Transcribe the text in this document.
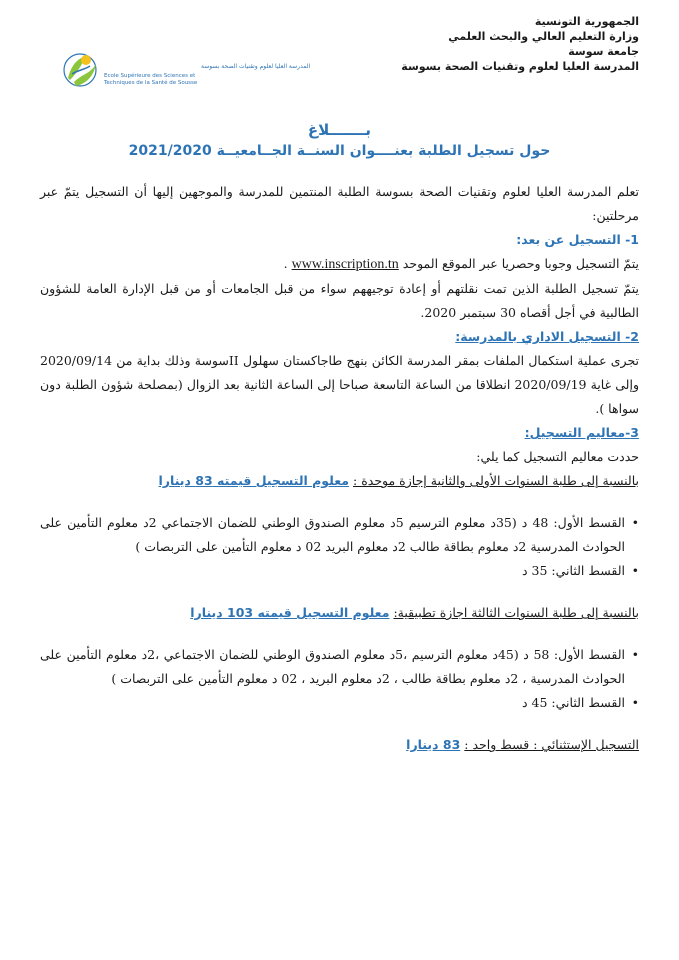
الجمهورية التونسية
وزارة التعليم العالي والبحث العلمي
جامعة سوسة
المدرسة العليا لعلوم وتقنيات الصحة بسوسة
المدرسة العليا لعلوم وتقنيات الصحة بسوسة
Ecole Supérieure des Sciences et
Techniques de la Santé de Sousse
بـــــــلاغ
حول تسجيل الطلبة بعنــــوان السنــة الجــامعيــة 2021/2020

تعلم المدرسة العليا لعلوم وتقنيات الصحة بسوسة الطلبة المنتمين للمدرسة والموجهين إليها أن التسجيل يتمّ عبر مرحلتين:

1- التسجيل عن بعد:

يتمّ التسجيل وجوبا وحصريا عبر الموقع الموحد www.inscription.tn .

يتمّ تسجيل الطلبة الذين تمت نقلتهم أو إعادة توجيههم سواء من قبل الجامعات أو من قبل الإدارة العامة للشؤون الطالبية في أجل أقصاه 30 سبتمبر 2020.

2- التسجيل الاداري بالمدرسة:

تجرى عملية استكمال الملفات بمقر المدرسة الكائن بنهج طاجاكستان سهلول IIسوسة وذلك بداية من 2020/09/14 وإلى غاية 2020/09/19 انطلاقا من الساعة التاسعة صباحا إلى الساعة الثانية بعد الزوال (بمصلحة شؤون الطلبة دون سواها ).

3-معاليم التسجيل:

حددت معاليم التسجيل كما يلي:

بالنسبة إلى طلبة السنوات الأولى والثانية إجازة موحدة : معلوم التسجيل قيمته 83 دينارا

• القسط الأول: 48 د (35د معلوم الترسيم 5د معلوم الصندوق الوطني للضمان الاجتماعي 2د معلوم التأمين على الحوادث المدرسية 2د معلوم بطاقة طالب 2د معلوم البريد 02 د معلوم التأمين على التربصات )

• القسط الثاني: 35 د

بالنسبة إلى طلبة السنوات الثالثة اجازة تطبيقية: معلوم التسجيل قيمته 103 دينارا

• القسط الأول: 58 د (45د معلوم الترسيم ،5د معلوم الصندوق الوطني للضمان الاجتماعي ،2د معلوم التأمين على الحوادث المدرسية ، 2د معلوم بطاقة طالب ، 2د معلوم البريد ، 02 د معلوم التأمين على التربصات )

• القسط الثاني: 45 د

التسجيل الإستثنائي : قسط واحد : 83 دينارا
